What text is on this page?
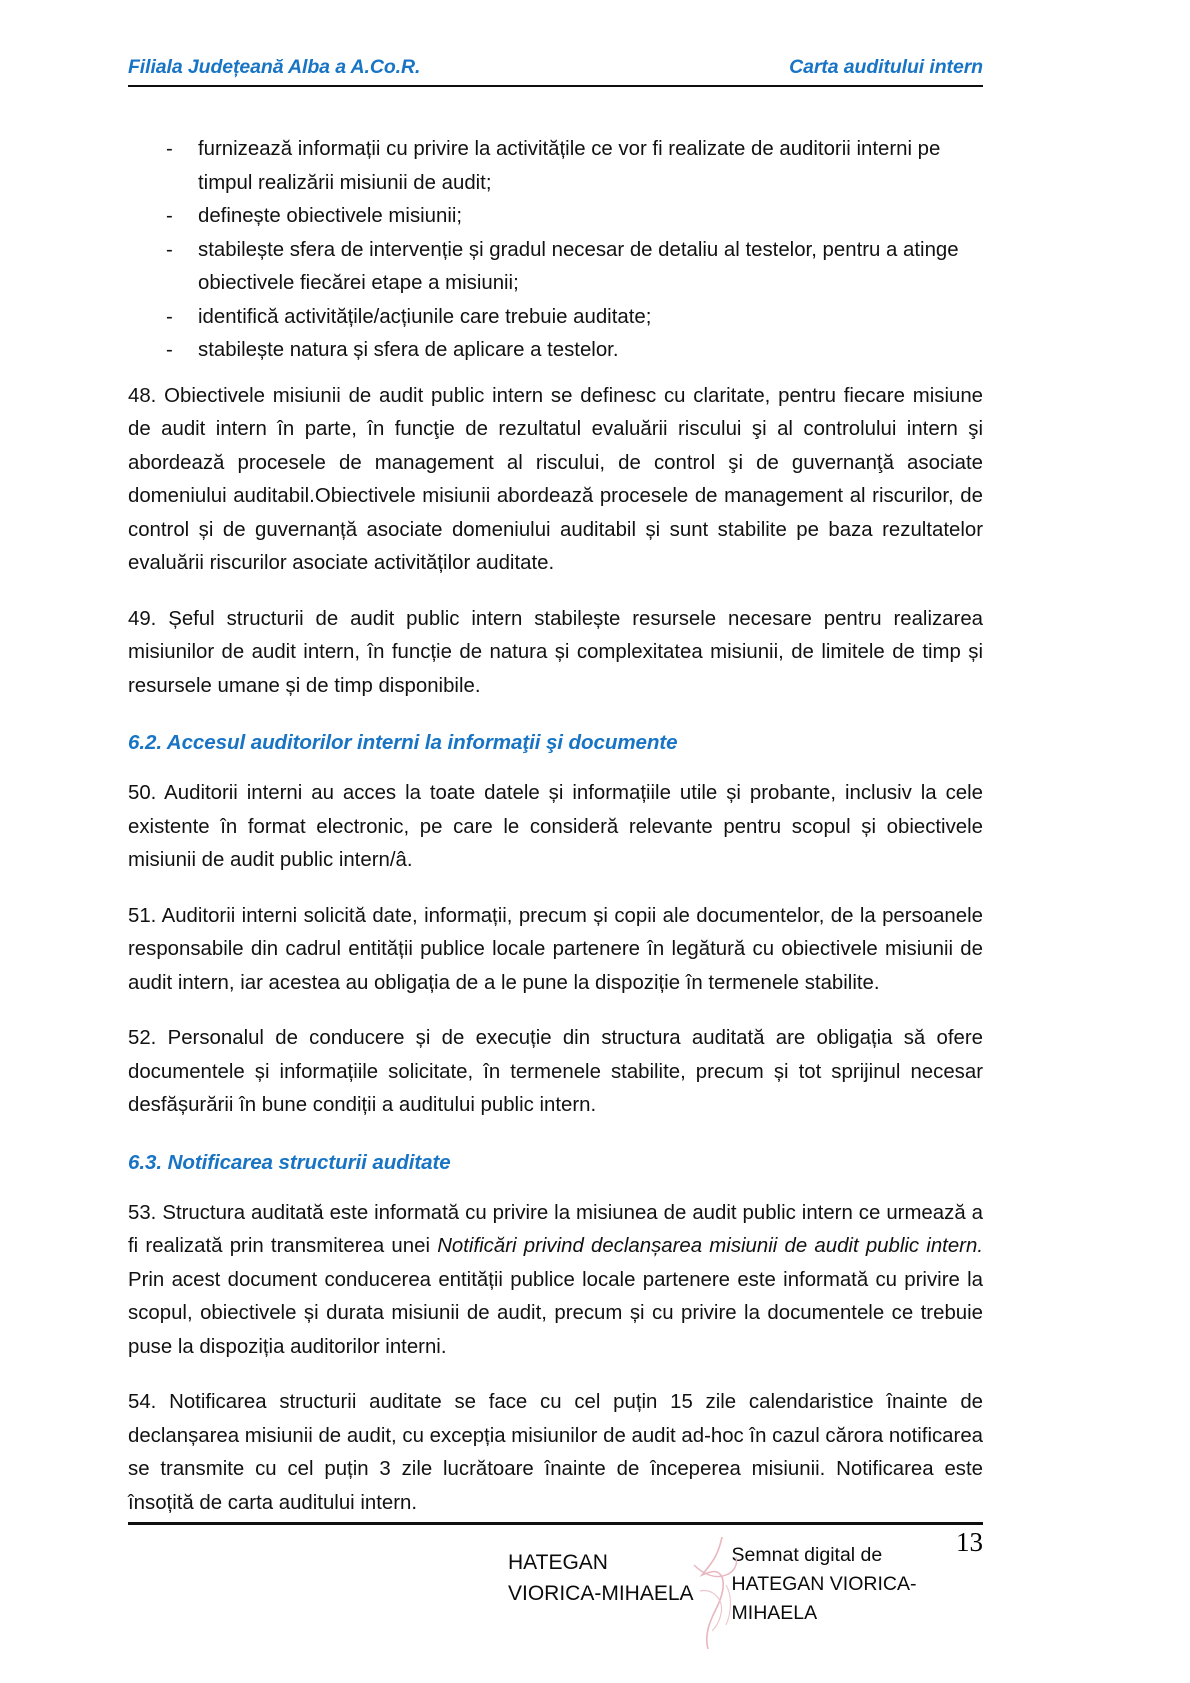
Filiala Județeană Alba a A.Co.R.	Carta auditului intern
- furnizează informații cu privire la activitățile ce vor fi realizate de auditorii interni pe timpul realizării misiunii de audit;
- definește obiectivele misiunii;
- stabilește sfera de intervenție și gradul necesar de detaliu al testelor, pentru a atinge obiectivele fiecărei etape a misiunii;
- identifică activitățile/acțiunile care trebuie auditate;
- stabilește natura și sfera de aplicare a testelor.

48. Obiectivele misiunii de audit public intern se definesc cu claritate, pentru fiecare misiune de audit intern în parte, în funcţie de rezultatul evaluării riscului şi al controlului intern şi abordează procesele de management al riscului, de control şi de guvernanţă asociate domeniului auditabil.Obiectivele misiunii abordează procesele de management al riscurilor, de control și de guvernanță asociate domeniului auditabil și sunt stabilite pe baza rezultatelor evaluării riscurilor asociate activităților auditate.

49. Șeful structurii de audit public intern stabilește resursele necesare pentru realizarea misiunilor de audit intern, în funcție de natura și complexitatea misiunii, de limitele de timp și resursele umane și de timp disponibile.

6.2. Accesul auditorilor interni la informaţii şi documente

50. Auditorii interni au acces la toate datele și informațiile utile și probante, inclusiv la cele existente în format electronic, pe care le consideră relevante pentru scopul și obiectivele misiunii de audit public intern/â.

51. Auditorii interni solicită date, informații, precum și copii ale documentelor, de la persoanele responsabile din cadrul entității publice locale partenere în legătură cu obiectivele misiunii de audit intern, iar acestea au obligația de a le pune la dispoziție în termenele stabilite.

52. Personalul de conducere și de execuție din structura auditată are obligația să ofere documentele și informațiile solicitate, în termenele stabilite, precum și tot sprijinul necesar desfășurării în bune condiții a auditului public intern.

6.3. Notificarea structurii auditate

53. Structura auditată este informată cu privire la misiunea de audit public intern ce urmează a fi realizată prin transmiterea unei Notificări privind declanșarea misiunii de audit public intern. Prin acest document conducerea entității publice locale partenere este informată cu privire la scopul, obiectivele și durata misiunii de audit, precum și cu privire la documentele ce trebuie puse la dispoziția auditorilor interni.

54. Notificarea structurii auditate se face cu cel puțin 15 zile calendaristice înainte de declanșarea misiunii de audit, cu excepția misiunilor de audit ad-hoc în cazul cărora notificarea se transmite cu cel puțin 3 zile lucrătoare înainte de începerea misiunii. Notificarea este însoțită de carta auditului intern.

13
HATEGAN
VIORICA-MIHAELA
Semnat digital de
HATEGAN VIORICA-
MIHAELA
